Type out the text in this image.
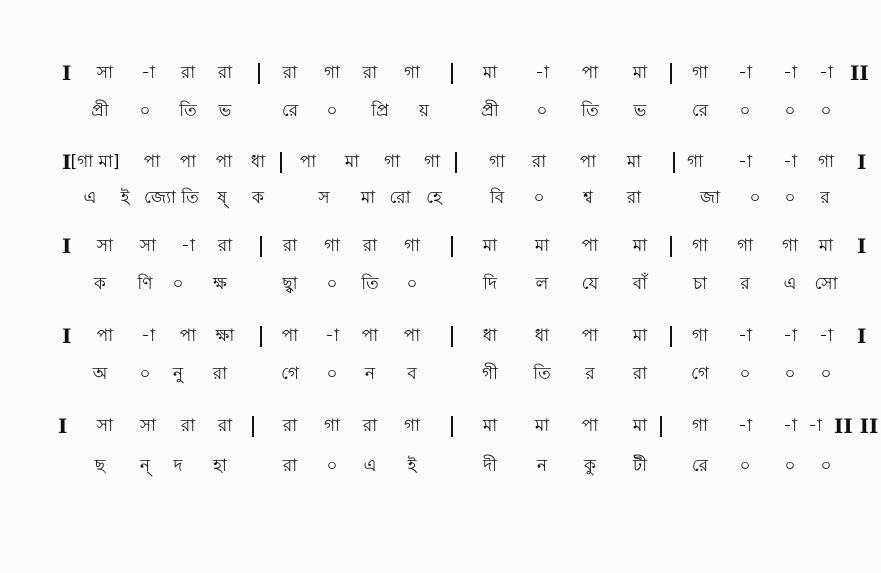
I সা -া রা রা	রা গা রা গা	মা -া পা মা	গা -া -া -া II
প্রী ০ তি ভ	রে ০ প্রি য়	প্রী ০ তি ভ	রে ০ ০ ০
I [গা মা] পা পা পা ধা পা মা গা গা	গা রা পা মা	গা -া -া গা I
এ ই জ্যো তি ষ্ ক	স মা রো হে	বি ০ শ্ব রা	জা ০ ০ র
I সা সা -া রা	রা গা রা গা	মা মা পা মা	গা গা গা মা I
ক ণি ০ ক্ষ	ছ্বা ০ তি ০	দি ল যে বাঁ	চা র এ সো
I পা -া পা ক্ষা	পা -া পা পা	ধা ধা পা মা	গা -া -া -া I
অ ০ নু রা	গে ০ ন ব	গী তি র রা	গে ০ ০ ০
I সা সা রা রা	রা গা রা গা	মা মা পা মা	গা -া -া -া II II
ছ ন্ দ হা	রা ০ এ ই	দী ন কু টী	রে ০ ০ ০
